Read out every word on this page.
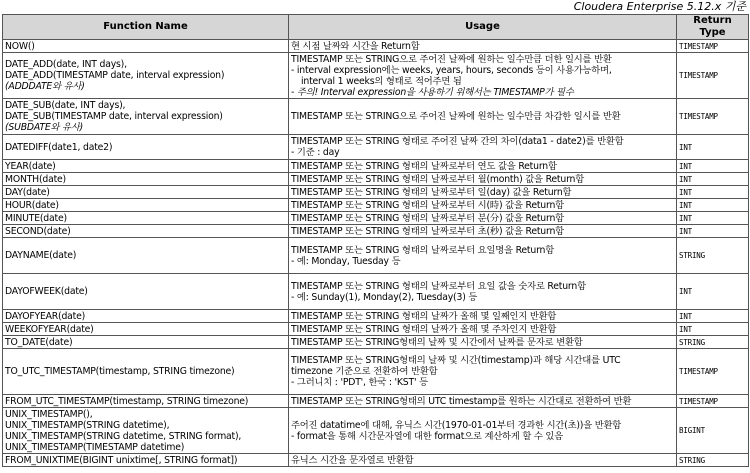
Cloudera Enterprise 5.12.x 기준
Function Name	Usage	Return Type

NOW()	현 시점 날짜와 시간을 Return함	TIMESTAMP

DATE_ADD(date, INT days),
DATE_ADD(TIMESTAMP date, interval expression)
(ADDDATE와 유사)	TIMESTAMP 또는 STRING으로 주어진 날짜에 원하는 일수만큼 더한 일시를 반환
- interval expression에는 weeks, years, hours, seconds 등이 사용가능하며,
interval 1 weeks의 형태로 적어주면 됨
- 주의! Interval expression을 사용하기 위해서는 TIMESTAMP가 필수	TIMESTAMP

DATE_SUB(date, INT days),
DATE_SUB(TIMESTAMP date, interval expression)
(SUBDATE와 유사)	TIMESTAMP 또는 STRING으로 주어진 날짜에 원하는 일수만큼 차감한 일시를 반환	TIMESTAMP

DATEDIFF(date1, date2)	TIMESTAMP 또는 STRING 형태로 주어진 날짜 간의 차이(data1 - date2)를 반환함
- 기준 : day	INT

YEAR(date)	TIMESTAMP 또는 STRING 형태의 날짜로부터 연도 값을 Return함	INT

MONTH(date)	TIMESTAMP 또는 STRING 형태의 날짜로부터 월(month) 값을 Return함	INT

DAY(date)	TIMESTAMP 또는 STRING 형태의 날짜로부터 일(day) 값을 Return함	INT

HOUR(date)	TIMESTAMP 또는 STRING 형태의 날짜로부터 시(時) 값을 Return함	INT

MINUTE(date)	TIMESTAMP 또는 STRING 형태의 날짜로부터 분(分) 값을 Return함	INT

SECOND(date)	TIMESTAMP 또는 STRING 형태의 날짜로부터 초(秒) 값을 Return함	INT

DAYNAME(date)	TIMESTAMP 또는 STRING 형태의 날짜로부터 요일명을 Return함
- 예: Monday, Tuesday 등	STRING

DAYOFWEEK(date)	TIMESTAMP 또는 STRING 형태의 날짜로부터 요일 값을 숫자로 Return함
- 예: Sunday(1), Monday(2), Tuesday(3) 등	INT

DAYOFYEAR(date)	TIMESTAMP 또는 STRING 형태의 날짜가 올해 몇 일째인지 반환함	INT

WEEKOFYEAR(date)	TIMESTAMP 또는 STRING 형태의 날짜가 올해 몇 주차인지 반환함	INT

TO_DATE(date)	TIMESTAMP 또는 STRING형태의 날짜 및 시간에서 날짜를 문자로 변환함	STRING

TO_UTC_TIMESTAMP(timestamp, STRING timezone)	TIMESTAMP 또는 STRING형태의 날짜 및 시간(timestamp)과 해당 시간대를 UTC
timezone 기준으로 전환하여 반환함
- 그러니치 : 'PDT', 한국 : 'KST' 등	TIMESTAMP

FROM_UTC_TIMESTAMP(timestamp, STRING timezone)	TIMESTAMP 또는 STRING형태의 UTC timestamp를 원하는 시간대로 전환하여 반환	TIMESTAMP

UNIX_TIMESTAMP(),
UNIX_TIMESTAMP(STRING datetime),
UNIX_TIMESTAMP(STRING datetime, STRING format),
UNIX_TIMESTAMP(TIMESTAMP datetime)	주어진 datatime에 대해, 유닉스 시간(1970-01-01부터 경과한 시간(초))을 반환함
- format을 통해 시간문자열에 대한 format으로 계산하게 할 수 있음	BIGINT

FROM_UNIXTIME(BIGINT unixtime[, STRING format])	유닉스 시간을 문자열로 반환함	STRING
